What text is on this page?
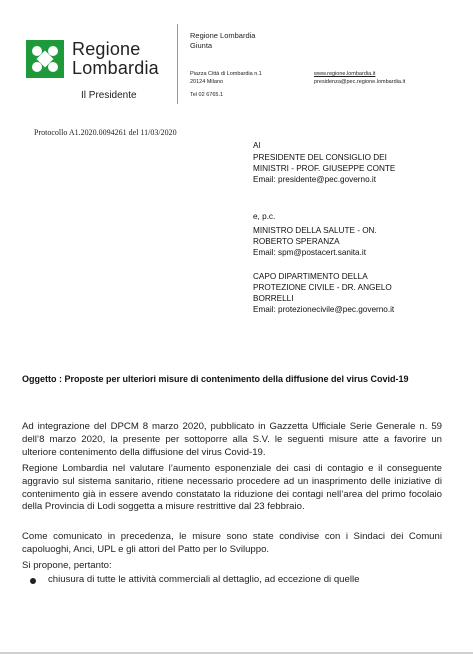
Regione
Lombardia
Il Presidente
Regione Lombardia
Giunta
Piazza Città di Lombardia n.1
20124 Milano
Tel 02 6765.1
www.regione.lombardia.it
presidenza@pec.regione.lombardia.it
Protocollo A1.2020.0094261 del 11/03/2020
Al
PRESIDENTE DEL CONSIGLIO DEI
MINISTRI - PROF. GIUSEPPE CONTE
Email: presidente@pec.governo.it
e, p.c.
MINISTRO DELLA SALUTE - ON.
ROBERTO SPERANZA
Email: spm@postacert.sanita.it
CAPO DIPARTIMENTO DELLA
PROTEZIONE CIVILE - DR. ANGELO
BORRELLI
Email: protezionecivile@pec.governo.it
Oggetto : Proposte per ulteriori misure di contenimento della diffusione del virus Covid-19
Ad integrazione del DPCM 8 marzo 2020, pubblicato in Gazzetta Ufficiale Serie Generale n. 59 dell’8 marzo 2020, la presente per sottoporre alla S.V. le seguenti misure atte a favorire un ulteriore contenimento della diffusione del virus Covid-19.
Regione Lombardia nel valutare l’aumento esponenziale dei casi di contagio e il conseguente aggravio sul sistema sanitario, ritiene necessario procedere ad un inasprimento delle iniziative di contenimento già in essere avendo constatato la riduzione dei contagi nell’area del primo focolaio della Provincia di Lodi soggetta a misure restrittive dal 23 febbraio.
Come comunicato in precedenza, le misure sono state condivise con i Sindaci dei Comuni capoluoghi, Anci, UPL e gli attori del Patto per lo Sviluppo.
Si propone, pertanto:
chiusura di tutte le attività commerciali al dettaglio, ad eccezione di quelle
